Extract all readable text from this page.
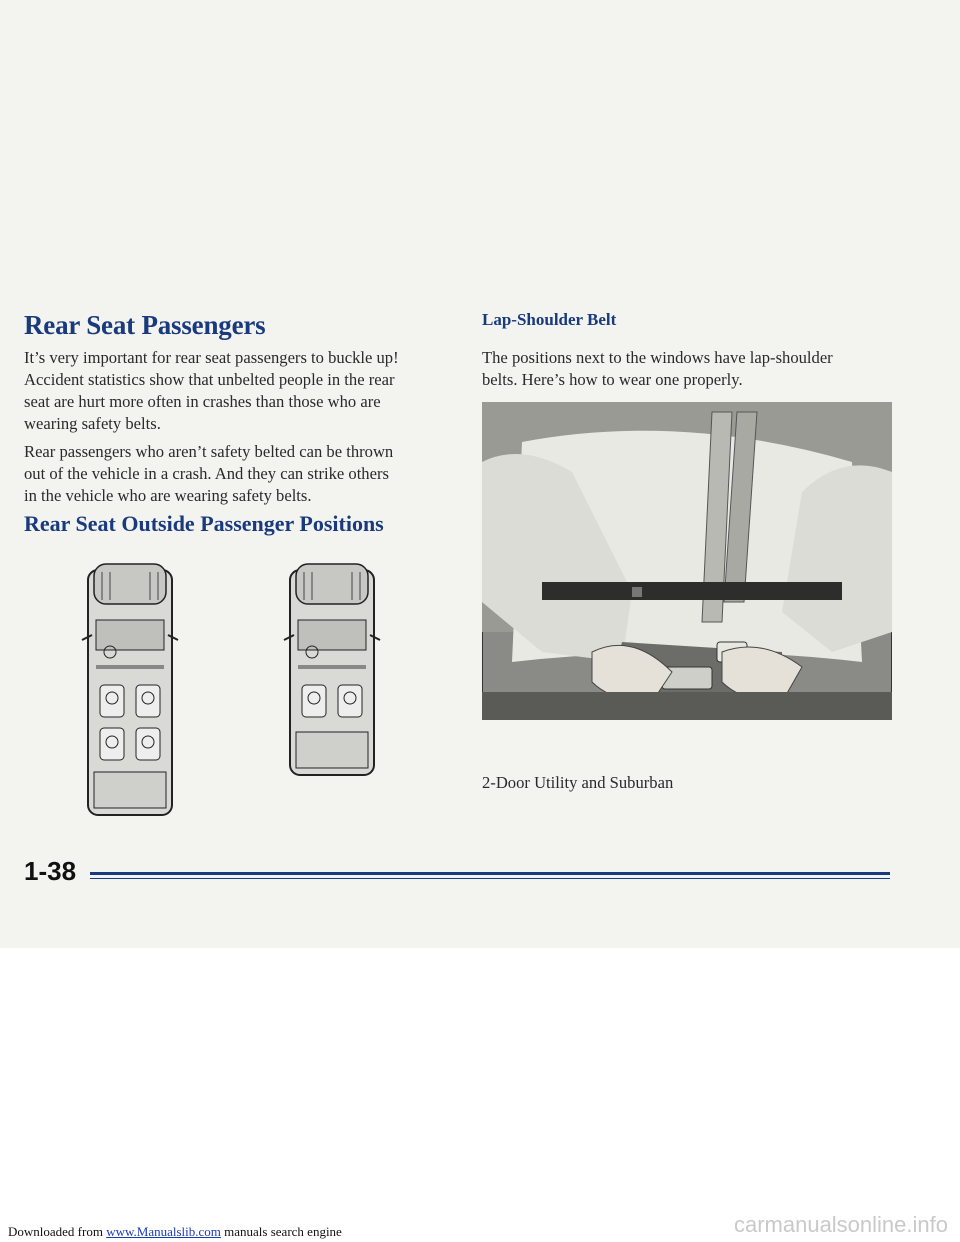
Rear Seat Passengers

It’s very important for rear seat passengers to buckle up!
Accident statistics show that unbelted people in the rear
seat are hurt more often in crashes than those who are
wearing safety belts.

Rear passengers who aren’t safety belted can be thrown
out of the vehicle in a crash. And they can strike others
in the vehicle who are wearing safety belts.

Rear Seat Outside Passenger Positions
Lap-Shoulder Belt

The positions next to the windows have lap-shoulder
belts. Here’s how to wear one properly.

2-Door Utility and Suburban

1-38
Downloaded from www.Manualslib.com manuals search engine	carmanualsonline.info
